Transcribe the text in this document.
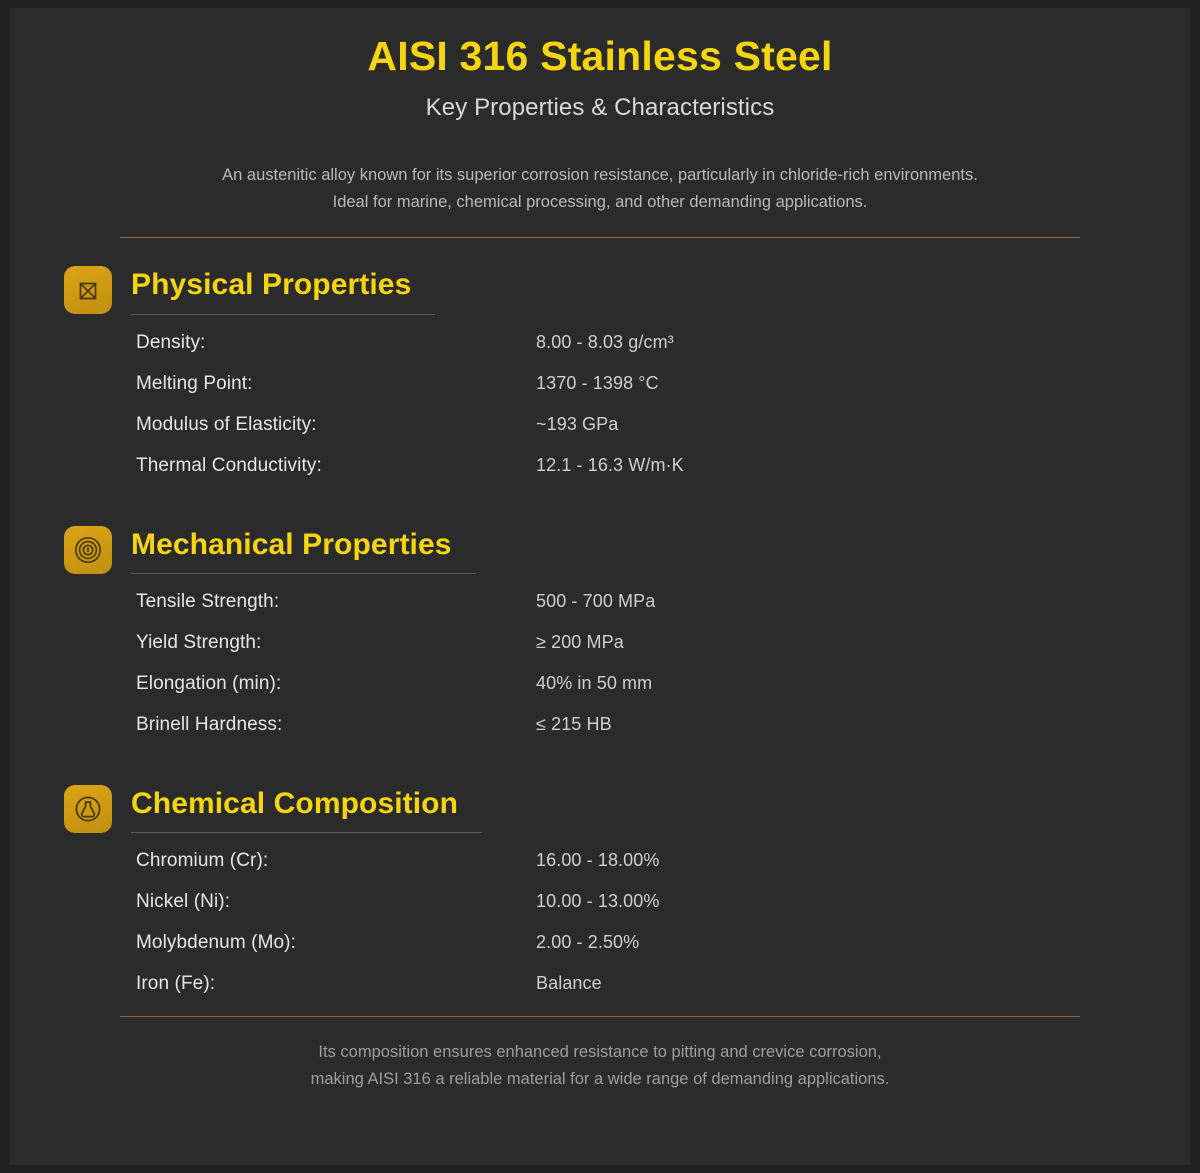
AISI 316 Stainless Steel
Key Properties & Characteristics
An austenitic alloy known for its superior corrosion resistance, particularly in chloride-rich environments.
Ideal for marine, chemical processing, and other demanding applications.
Physical Properties
Density:	8.00 - 8.03 g/cm³
Melting Point:	1370 - 1398 °C
Modulus of Elasticity:	~193 GPa
Thermal Conductivity:	12.1 - 16.3 W/m·K
Mechanical Properties
Tensile Strength:	500 - 700 MPa
Yield Strength:	≥ 200 MPa
Elongation (min):	40% in 50 mm
Brinell Hardness:	≤ 215 HB
Chemical Composition
Chromium (Cr):	16.00 - 18.00%
Nickel (Ni):	10.00 - 13.00%
Molybdenum (Mo):	2.00 - 2.50%
Iron (Fe):	Balance
Its composition ensures enhanced resistance to pitting and crevice corrosion,
making AISI 316 a reliable material for a wide range of demanding applications.
